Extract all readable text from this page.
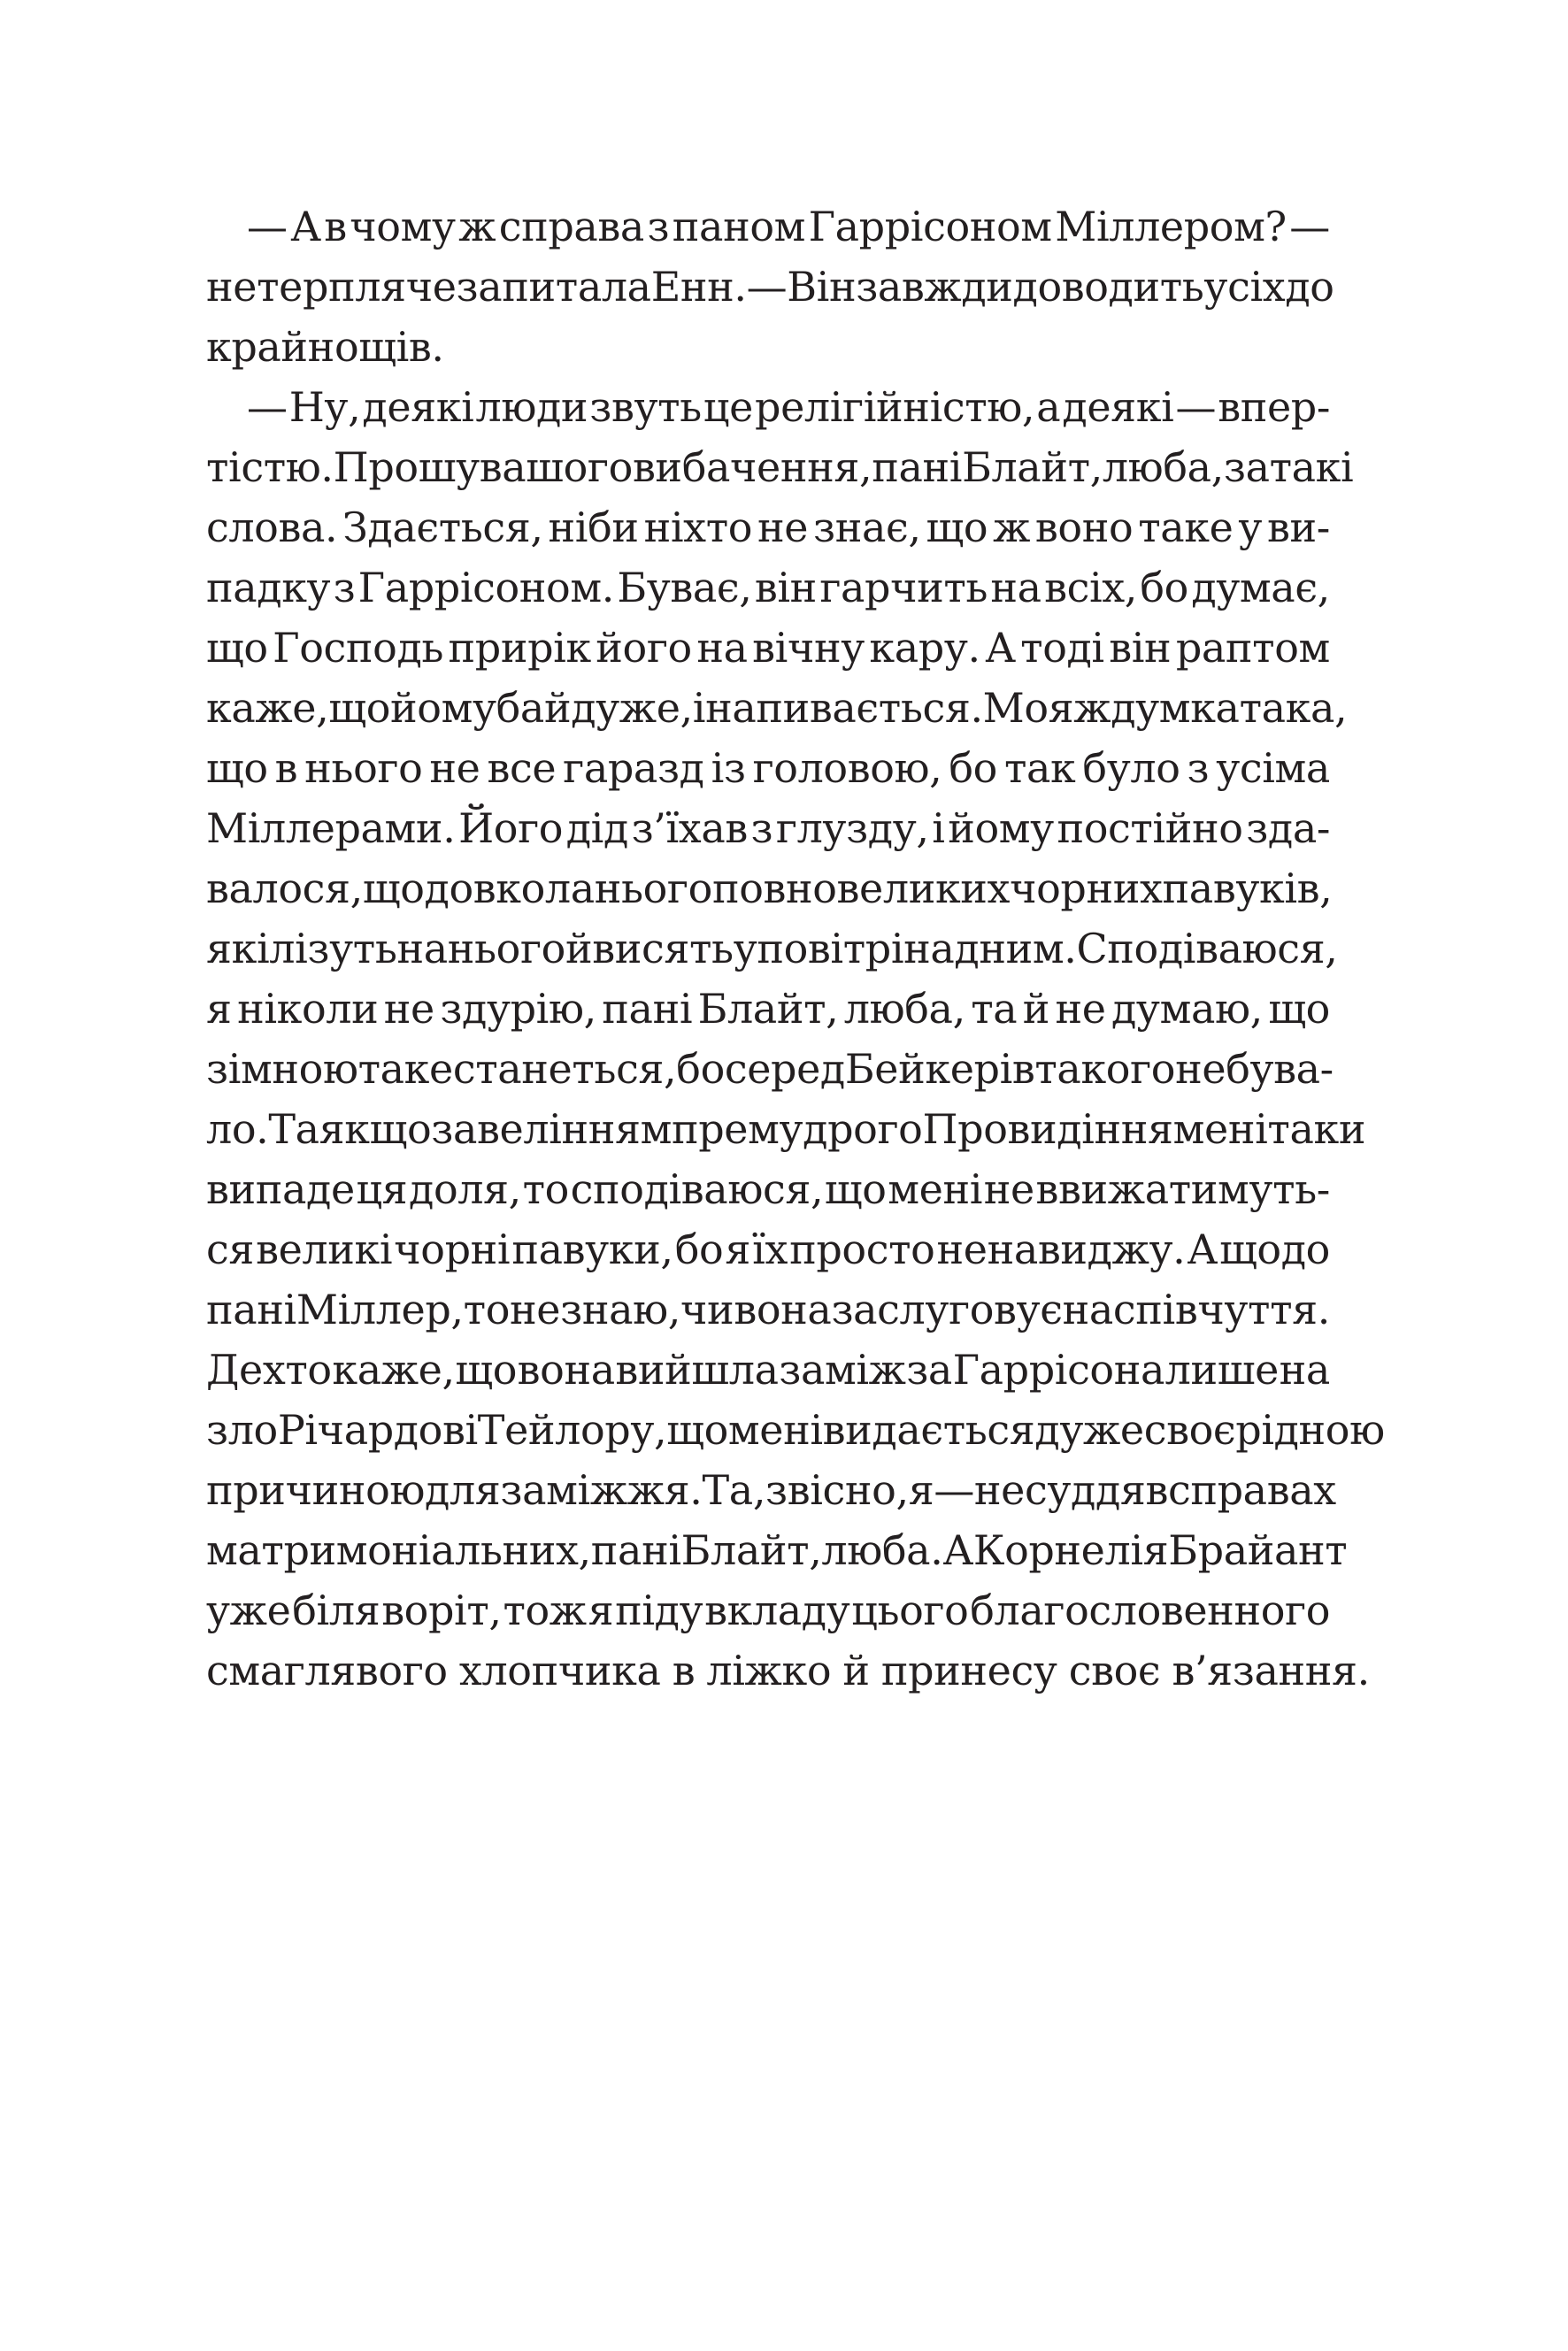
— А в чому ж справа з паном Гаррісоном Міллером? —
нетерпляче запитала Енн. — Він завжди доводить усіх до
крайнощів.
— Ну, деякі люди звуть це релігійністю, а деякі — впер-
тістю. Прошу вашого вибачення, пані Блайт, люба, за такі
слова. Здається, ніби ніхто не знає, що ж воно таке у ви-
падку з Гаррісоном. Буває, він гарчить на всіх, бо думає,
що Господь прирік його на вічну кару. А тоді він раптом
каже, що йому байдуже, і напивається. Моя ж думка така,
що в нього не все гаразд із головою, бо так було з усіма
Міллерами. Його дід з’їхав з глузду, і йому постійно зда-
валося, що довкола нього повно великих чорних павуків,
які лізуть на нього й висять у повітрі над ним. Сподіваюся,
я ніколи не здурію, пані Блайт, люба, та й не думаю, що
зі мною таке станеться, бо серед Бейкерів такого не бува-
ло. Та якщо за велінням премудрого Провидіння мені таки
випаде ця доля, то сподіваюся, що мені не ввижатимуть-
ся великі чорні павуки, бо я їх просто ненавиджу. А щодо
пані Міллер, то не знаю, чи вона заслуговує на співчуття.
Дехто каже, що вона вийшла заміж за Гаррісона лише на
зло Річардові Тейлору, що мені видається дуже своєрідною
причиною для заміжжя. Та, звісно, я — не суддя в справах
матримоніальних, пані Блайт, люба. А Корнелія Брайант
уже біля воріт, тож я піду вкладу цього благословенного
смаглявого хлопчика в ліжко й принесу своє в’язання.
